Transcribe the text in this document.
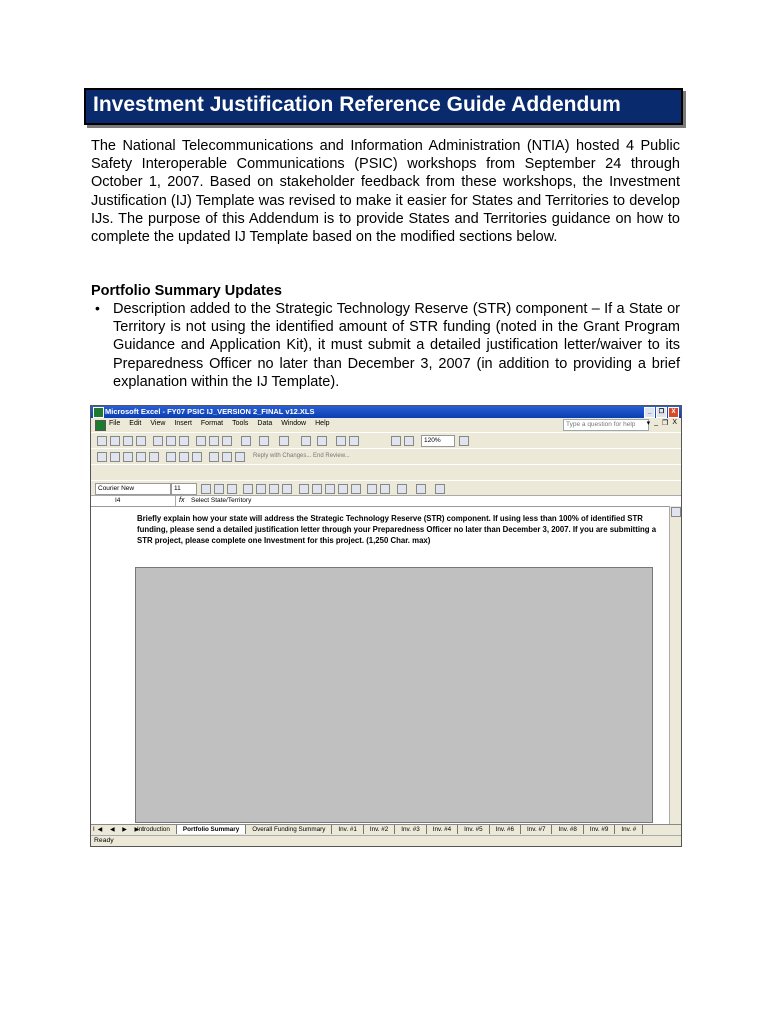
Investment Justification Reference Guide Addendum

The National Telecommunications and Information Administration (NTIA) hosted 4 Public Safety Interoperable Communications (PSIC) workshops from September 24 through October 1, 2007. Based on stakeholder feedback from these workshops, the Investment Justification (IJ) Template was revised to make it easier for States and Territories to develop IJs. The purpose of this Addendum is to provide States and Territories guidance on how to complete the updated IJ Template based on the modified sections below.

Portfolio Summary Updates
• Description added to the Strategic Technology Reserve (STR) component – If a State or Territory is not using the identified amount of STR funding (noted in the Grant Program Guidance and Application Kit), it must submit a detailed justification letter/waiver to its Preparedness Officer no later than December 3, 2007 (in addition to providing a brief explanation within the IJ Template).

Microsoft Excel - FY07 PSIC IJ_VERSION 2_FINAL v12.XLS	_	❐	X
File Edit View Insert Format Tools Data Window Help	Type a question for help	▾ _ ❐ X
120%
Reply with Changes... End Review...
Courier New	11
I4	fx Select State/Territory

Briefly explain how your state will address the Strategic Technology Reserve (STR) component. If using less than 100% of identified STR funding, please send a detailed justification letter through your Preparedness Officer no later than December 3, 2007. If you are submitting a STR project, please complete one Investment for this project. (1,250 Char. max)

I◀ ◀ ▶ ▶I
Introduction	Portfolio Summary	Overall Funding Summary	Inv. #1	Inv. #2	Inv. #3	Inv. #4	Inv. #5	Inv. #6	Inv. #7	Inv. #8	Inv. #9	Inv. #
Ready
